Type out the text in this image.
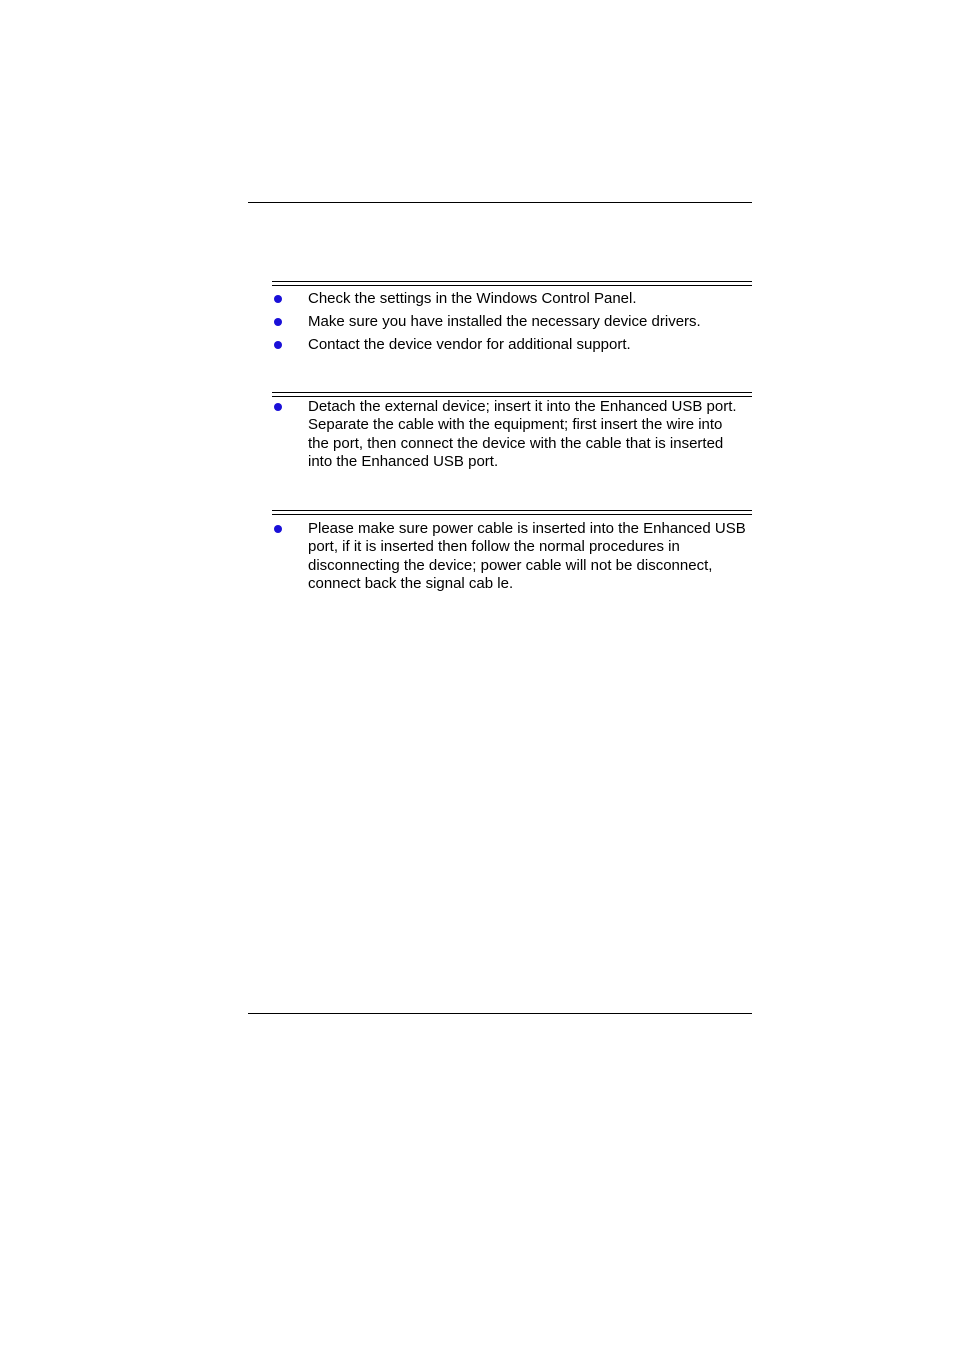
Check the settings in the Windows Control Panel.
Make sure you have installed the necessary device drivers.
Contact the device vendor for additional support.
Detach the external device; insert it into the Enhanced USB port. Separate the cable with the equipment; first insert the wire into the port, then connect the device with the cable that is inserted into the Enhanced USB port.
Please make sure power cable is inserted into the Enhanced USB port, if it is inserted then follow the normal procedures in disconnecting the device; power cable will not be disconnect, connect back the signal cab le.
